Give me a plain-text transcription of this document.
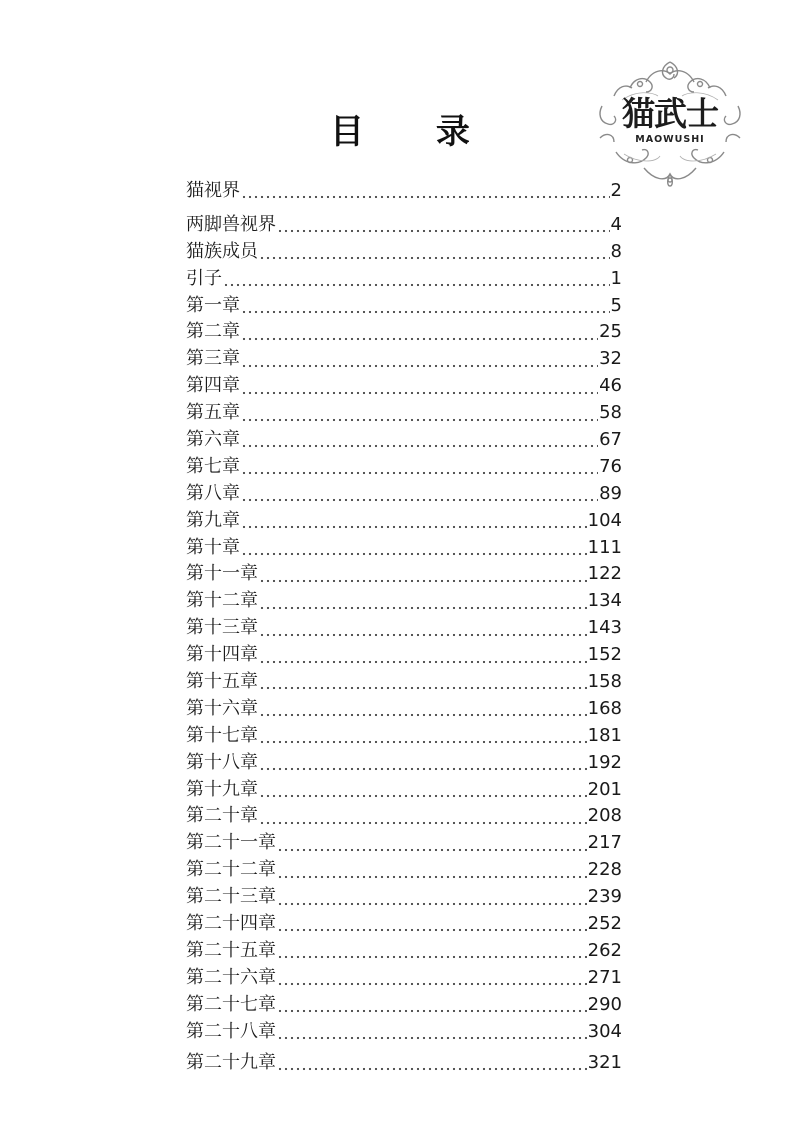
目 录	猫武士
MAOWUSHI
猫视界	2
两脚兽视界	4
猫族成员	8
引子	1
第一章	5
第二章	25
第三章	32
第四章	46
第五章	58
第六章	67
第七章	76
第八章	89
第九章	104
第十章	111
第十一章	122
第十二章	134
第十三章	143
第十四章	152
第十五章	158
第十六章	168
第十七章	181
第十八章	192
第十九章	201
第二十章	208
第二十一章	217
第二十二章	228
第二十三章	239
第二十四章	252
第二十五章	262
第二十六章	271
第二十七章	290
第二十八章	304
第二十九章	321
